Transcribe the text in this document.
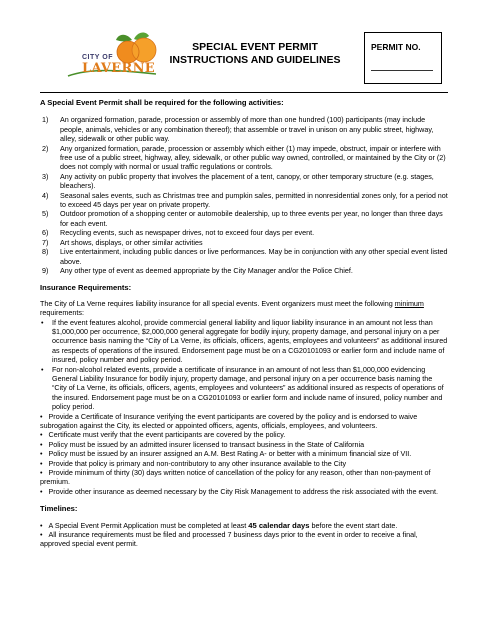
CITY OF
LAVERNE
SPECIAL EVENT PERMIT
INSTRUCTIONS AND GUIDELINES
PERMIT NO.

A Special Event Permit shall be required for the following activities:

1) An organized formation, parade, procession or assembly of more than one hundred (100) participants (may include people, animals, vehicles or any combination thereof); that assemble or travel in unison on any public street, highway, alley, sidewalk or other public way.
2) Any organized formation, parade, procession or assembly which either (1) may impede, obstruct, impair or interfere with free use of a public street, highway, alley, sidewalk, or other public way owned, controlled, or maintained by the City or (2) does not comply with normal or usual traffic regulations or controls.
3) Any activity on public property that involves the placement of a tent, canopy, or other temporary structure (e.g. stages, bleachers).
4) Seasonal sales events, such as Christmas tree and pumpkin sales, permitted in nonresidential zones only, for a period not to exceed 45 days per year on private property.
5) Outdoor promotion of a shopping center or automobile dealership, up to three events per year, no longer than three days for each event.
6) Recycling events, such as newspaper drives, not to exceed four days per event.
7) Art shows, displays, or other similar activities
8) Live entertainment, including public dances or live performances. May be in conjunction with any other special event listed above.
9) Any other type of event as deemed appropriate by the City Manager and/or the Police Chief.

Insurance Requirements:

The City of La Verne requires liability insurance for all special events. Event organizers must meet the following minimum requirements:

• If the event features alcohol, provide commercial general liability and liquor liability insurance in an amount not less than $1,000,000 per occurrence, $2,000,000 general aggregate for bodily injury, property damage, and personal injury on a per occurrence basis naming the “City of La Verne, its officials, officers, agents, employees and volunteers” as additional insured as respects of operations of the insured. Endorsement page must be on a CG20101093 or earlier form and include name of insured, policy number and policy period.
• For non-alcohol related events, provide a certificate of insurance in an amount of not less than $1,000,000 evidencing General Liability Insurance for bodily injury, property damage, and personal injury on a per occurrence basis naming the “City of La Verne, its officials, officers, agents, employees and volunteers” as additional insured as respects of operations of the insured. Endorsement page must be on a CG20101093 or earlier form and include name of insured, policy number and policy period.
•   Provide a Certificate of Insurance verifying the event participants are covered by the policy and is endorsed to waive subrogation against the City, its elected or appointed officers, agents, officials, employees, and volunteers.
•   Certificate must verify that the event participants are covered by the policy.
•   Policy must be issued by an admitted insurer licensed to transact business in the State of California
•   Policy must be issued by an insurer assigned an A.M. Best Rating A- or better with a minimum financial size of VII.
•   Provide that policy is primary and non-contributory to any other insurance available to the City
•   Provide minimum of thirty (30) days written notice of cancellation of the policy for any reason, other than non-payment of premium.
•   Provide other insurance as deemed necessary by the City Risk Management to address the risk associated with the event.

Timelines:

•   A Special Event Permit Application must be completed at least 45 calendar days before the event start date.

•   All insurance requirements must be filed and processed 7 business days prior to the event in order to receive a final, approved special event permit.
